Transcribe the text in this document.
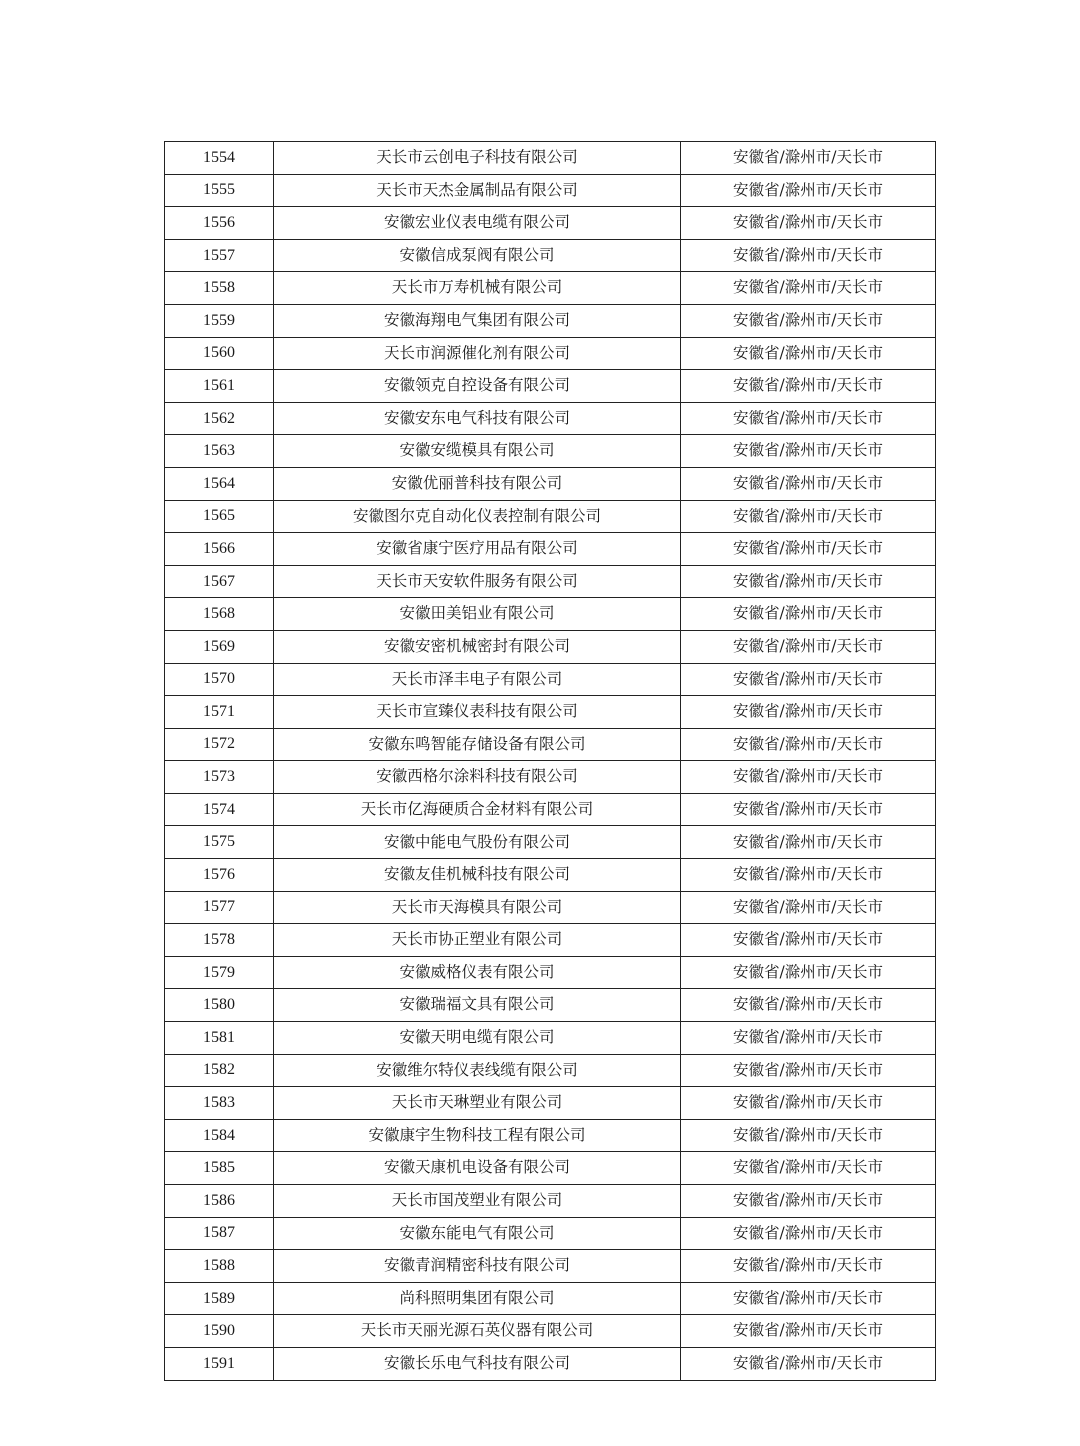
1554	天长市云创电子科技有限公司	安徽省/滁州市/天长市
1555	天长市天杰金属制品有限公司	安徽省/滁州市/天长市
1556	安徽宏业仪表电缆有限公司	安徽省/滁州市/天长市
1557	安徽信成泵阀有限公司	安徽省/滁州市/天长市
1558	天长市万寿机械有限公司	安徽省/滁州市/天长市
1559	安徽海翔电气集团有限公司	安徽省/滁州市/天长市
1560	天长市润源催化剂有限公司	安徽省/滁州市/天长市
1561	安徽领克自控设备有限公司	安徽省/滁州市/天长市
1562	安徽安东电气科技有限公司	安徽省/滁州市/天长市
1563	安徽安缆模具有限公司	安徽省/滁州市/天长市
1564	安徽优丽普科技有限公司	安徽省/滁州市/天长市
1565	安徽图尔克自动化仪表控制有限公司	安徽省/滁州市/天长市
1566	安徽省康宁医疗用品有限公司	安徽省/滁州市/天长市
1567	天长市天安软件服务有限公司	安徽省/滁州市/天长市
1568	安徽田美铝业有限公司	安徽省/滁州市/天长市
1569	安徽安密机械密封有限公司	安徽省/滁州市/天长市
1570	天长市泽丰电子有限公司	安徽省/滁州市/天长市
1571	天长市宣臻仪表科技有限公司	安徽省/滁州市/天长市
1572	安徽东鸣智能存储设备有限公司	安徽省/滁州市/天长市
1573	安徽西格尔涂料科技有限公司	安徽省/滁州市/天长市
1574	天长市亿海硬质合金材料有限公司	安徽省/滁州市/天长市
1575	安徽中能电气股份有限公司	安徽省/滁州市/天长市
1576	安徽友佳机械科技有限公司	安徽省/滁州市/天长市
1577	天长市天海模具有限公司	安徽省/滁州市/天长市
1578	天长市协正塑业有限公司	安徽省/滁州市/天长市
1579	安徽威格仪表有限公司	安徽省/滁州市/天长市
1580	安徽瑞福文具有限公司	安徽省/滁州市/天长市
1581	安徽天明电缆有限公司	安徽省/滁州市/天长市
1582	安徽维尔特仪表线缆有限公司	安徽省/滁州市/天长市
1583	天长市天琳塑业有限公司	安徽省/滁州市/天长市
1584	安徽康宇生物科技工程有限公司	安徽省/滁州市/天长市
1585	安徽天康机电设备有限公司	安徽省/滁州市/天长市
1586	天长市国茂塑业有限公司	安徽省/滁州市/天长市
1587	安徽东能电气有限公司	安徽省/滁州市/天长市
1588	安徽青润精密科技有限公司	安徽省/滁州市/天长市
1589	尚科照明集团有限公司	安徽省/滁州市/天长市
1590	天长市天丽光源石英仪器有限公司	安徽省/滁州市/天长市
1591	安徽长乐电气科技有限公司	安徽省/滁州市/天长市
